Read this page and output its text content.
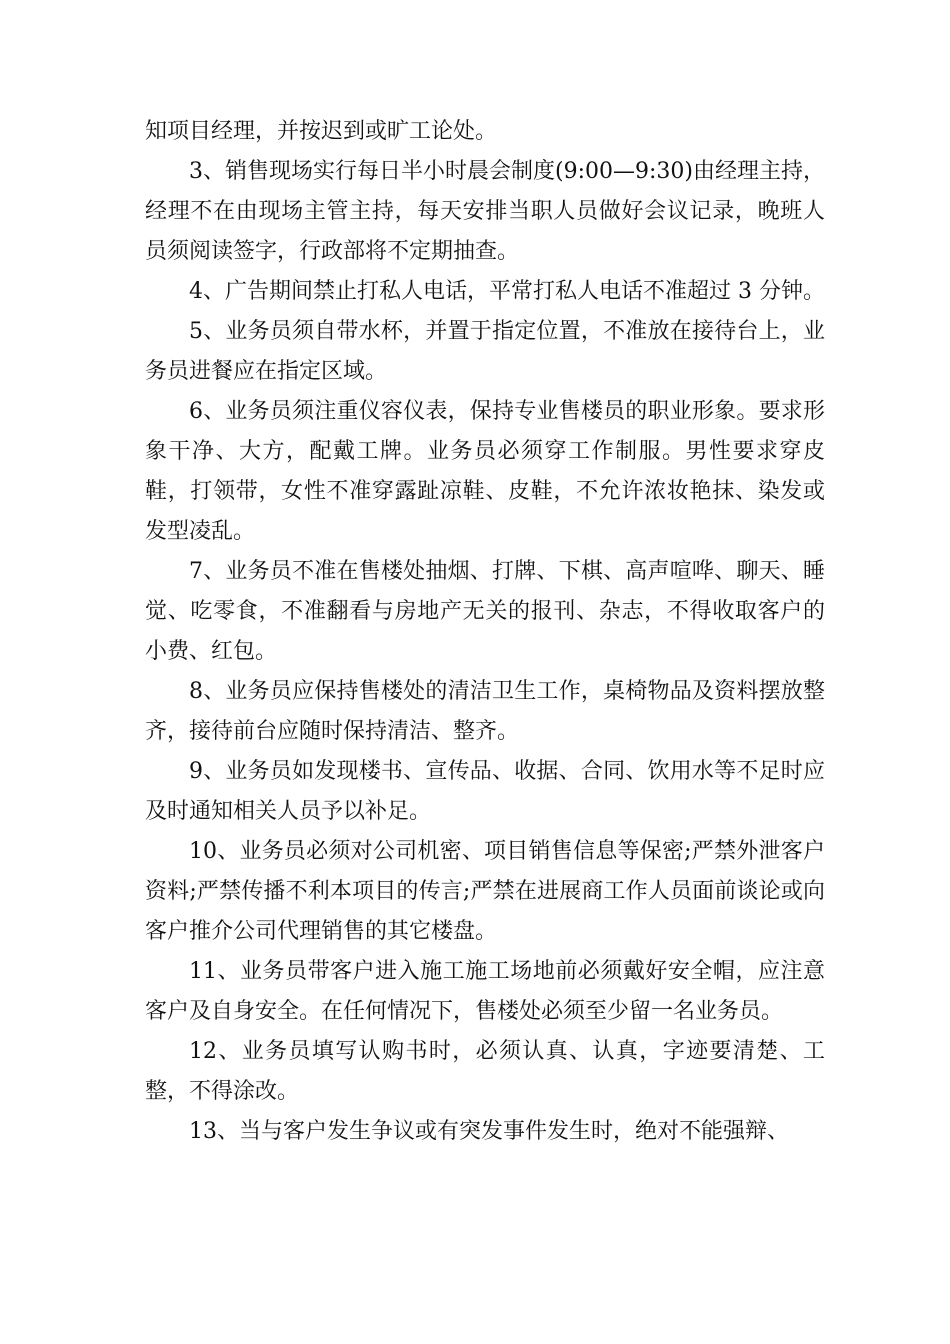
知项目经理，并按迟到或旷工论处。

3、销售现场实行每日半小时晨会制度(9:00—9:30)由经理主持，经理不在由现场主管主持，每天安排当职人员做好会议记录，晚班人员须阅读签字，行政部将不定期抽查。

4、广告期间禁止打私人电话，平常打私人电话不准超过 3 分钟。

5、业务员须自带水杯，并置于指定位置，不准放在接待台上，业务员进餐应在指定区域。

6、业务员须注重仪容仪表，保持专业售楼员的职业形象。要求形象干净、大方，配戴工牌。业务员必须穿工作制服。男性要求穿皮鞋，打领带，女性不准穿露趾凉鞋、皮鞋，不允许浓妆艳抹、染发或发型凌乱。

7、业务员不准在售楼处抽烟、打牌、下棋、高声喧哗、聊天、睡觉、吃零食，不准翻看与房地产无关的报刊、杂志，不得收取客户的小费、红包。

8、业务员应保持售楼处的清洁卫生工作，桌椅物品及资料摆放整齐，接待前台应随时保持清洁、整齐。

9、业务员如发现楼书、宣传品、收据、合同、饮用水等不足时应及时通知相关人员予以补足。

10、业务员必须对公司机密、项目销售信息等保密;严禁外泄客户资料;严禁传播不利本项目的传言;严禁在进展商工作人员面前谈论或向客户推介公司代理销售的其它楼盘。

11、业务员带客户进入施工施工场地前必须戴好安全帽，应注意客户及自身安全。在任何情况下，售楼处必须至少留一名业务员。

12、业务员填写认购书时，必须认真、认真，字迹要清楚、工整，不得涂改。

13、当与客户发生争议或有突发事件发生时，绝对不能强辩、
